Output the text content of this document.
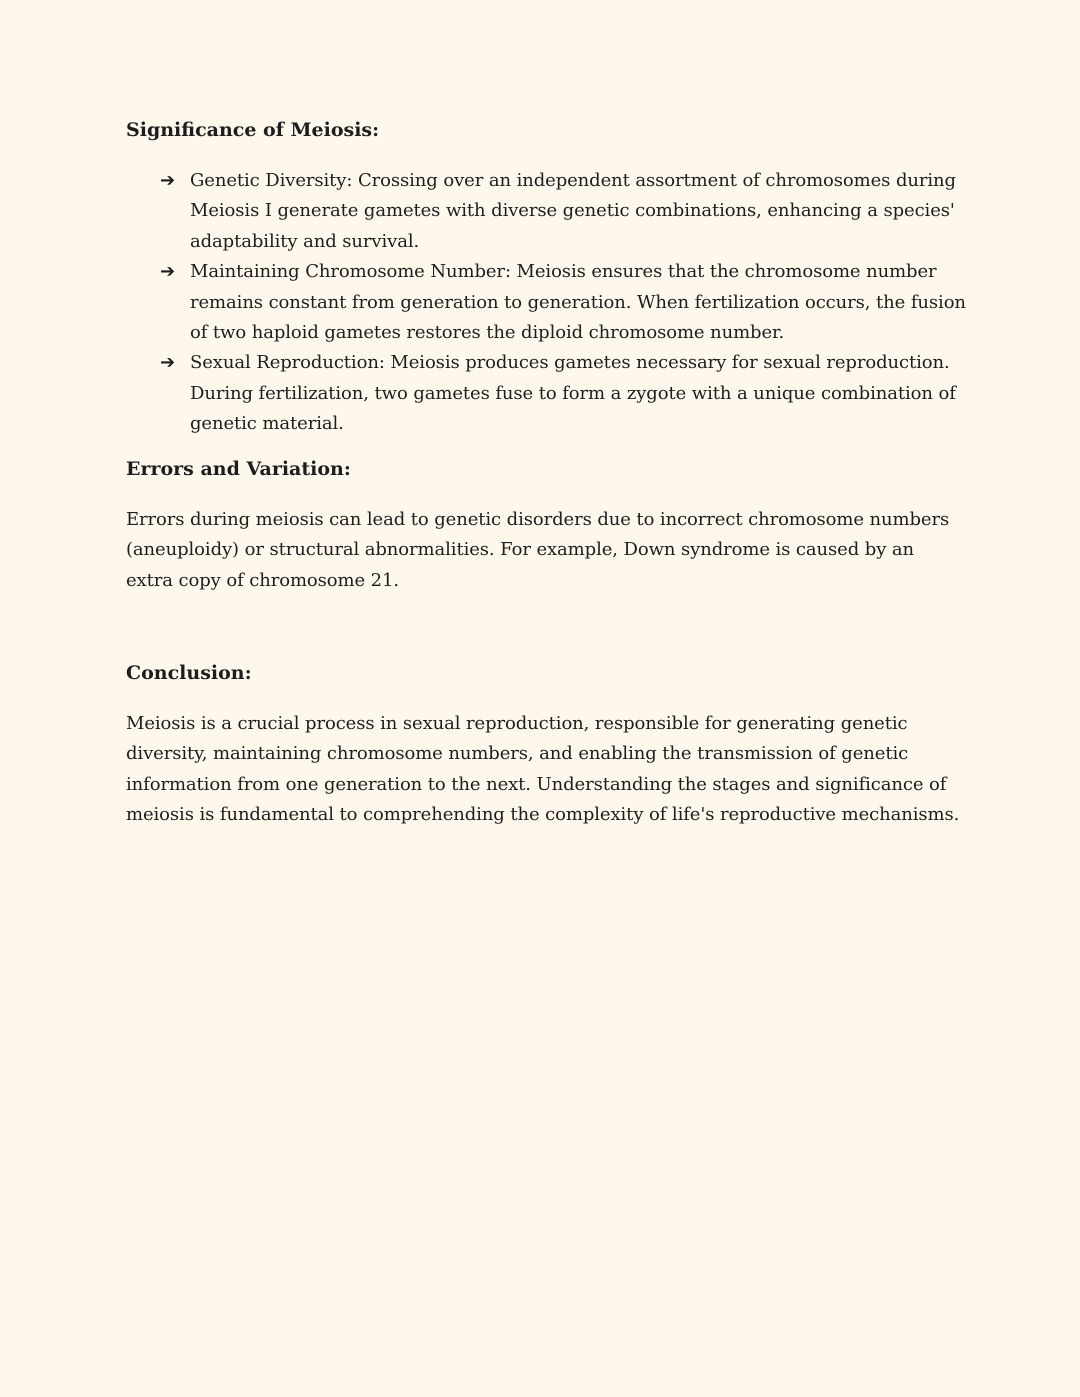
Significance of Meiosis:
➔ Genetic Diversity: Crossing over an independent assortment of chromosomes during Meiosis I generate gametes with diverse genetic combinations, enhancing a species' adaptability and survival.
➔ Maintaining Chromosome Number: Meiosis ensures that the chromosome number remains constant from generation to generation. When fertilization occurs, the fusion of two haploid gametes restores the diploid chromosome number.
➔ Sexual Reproduction: Meiosis produces gametes necessary for sexual reproduction. During fertilization, two gametes fuse to form a zygote with a unique combination of genetic material.
Errors and Variation:

Errors during meiosis can lead to genetic disorders due to incorrect chromosome numbers (aneuploidy) or structural abnormalities. For example, Down syndrome is caused by an extra copy of chromosome 21.

Conclusion:

Meiosis is a crucial process in sexual reproduction, responsible for generating genetic diversity, maintaining chromosome numbers, and enabling the transmission of genetic information from one generation to the next. Understanding the stages and significance of meiosis is fundamental to comprehending the complexity of life's reproductive mechanisms.
